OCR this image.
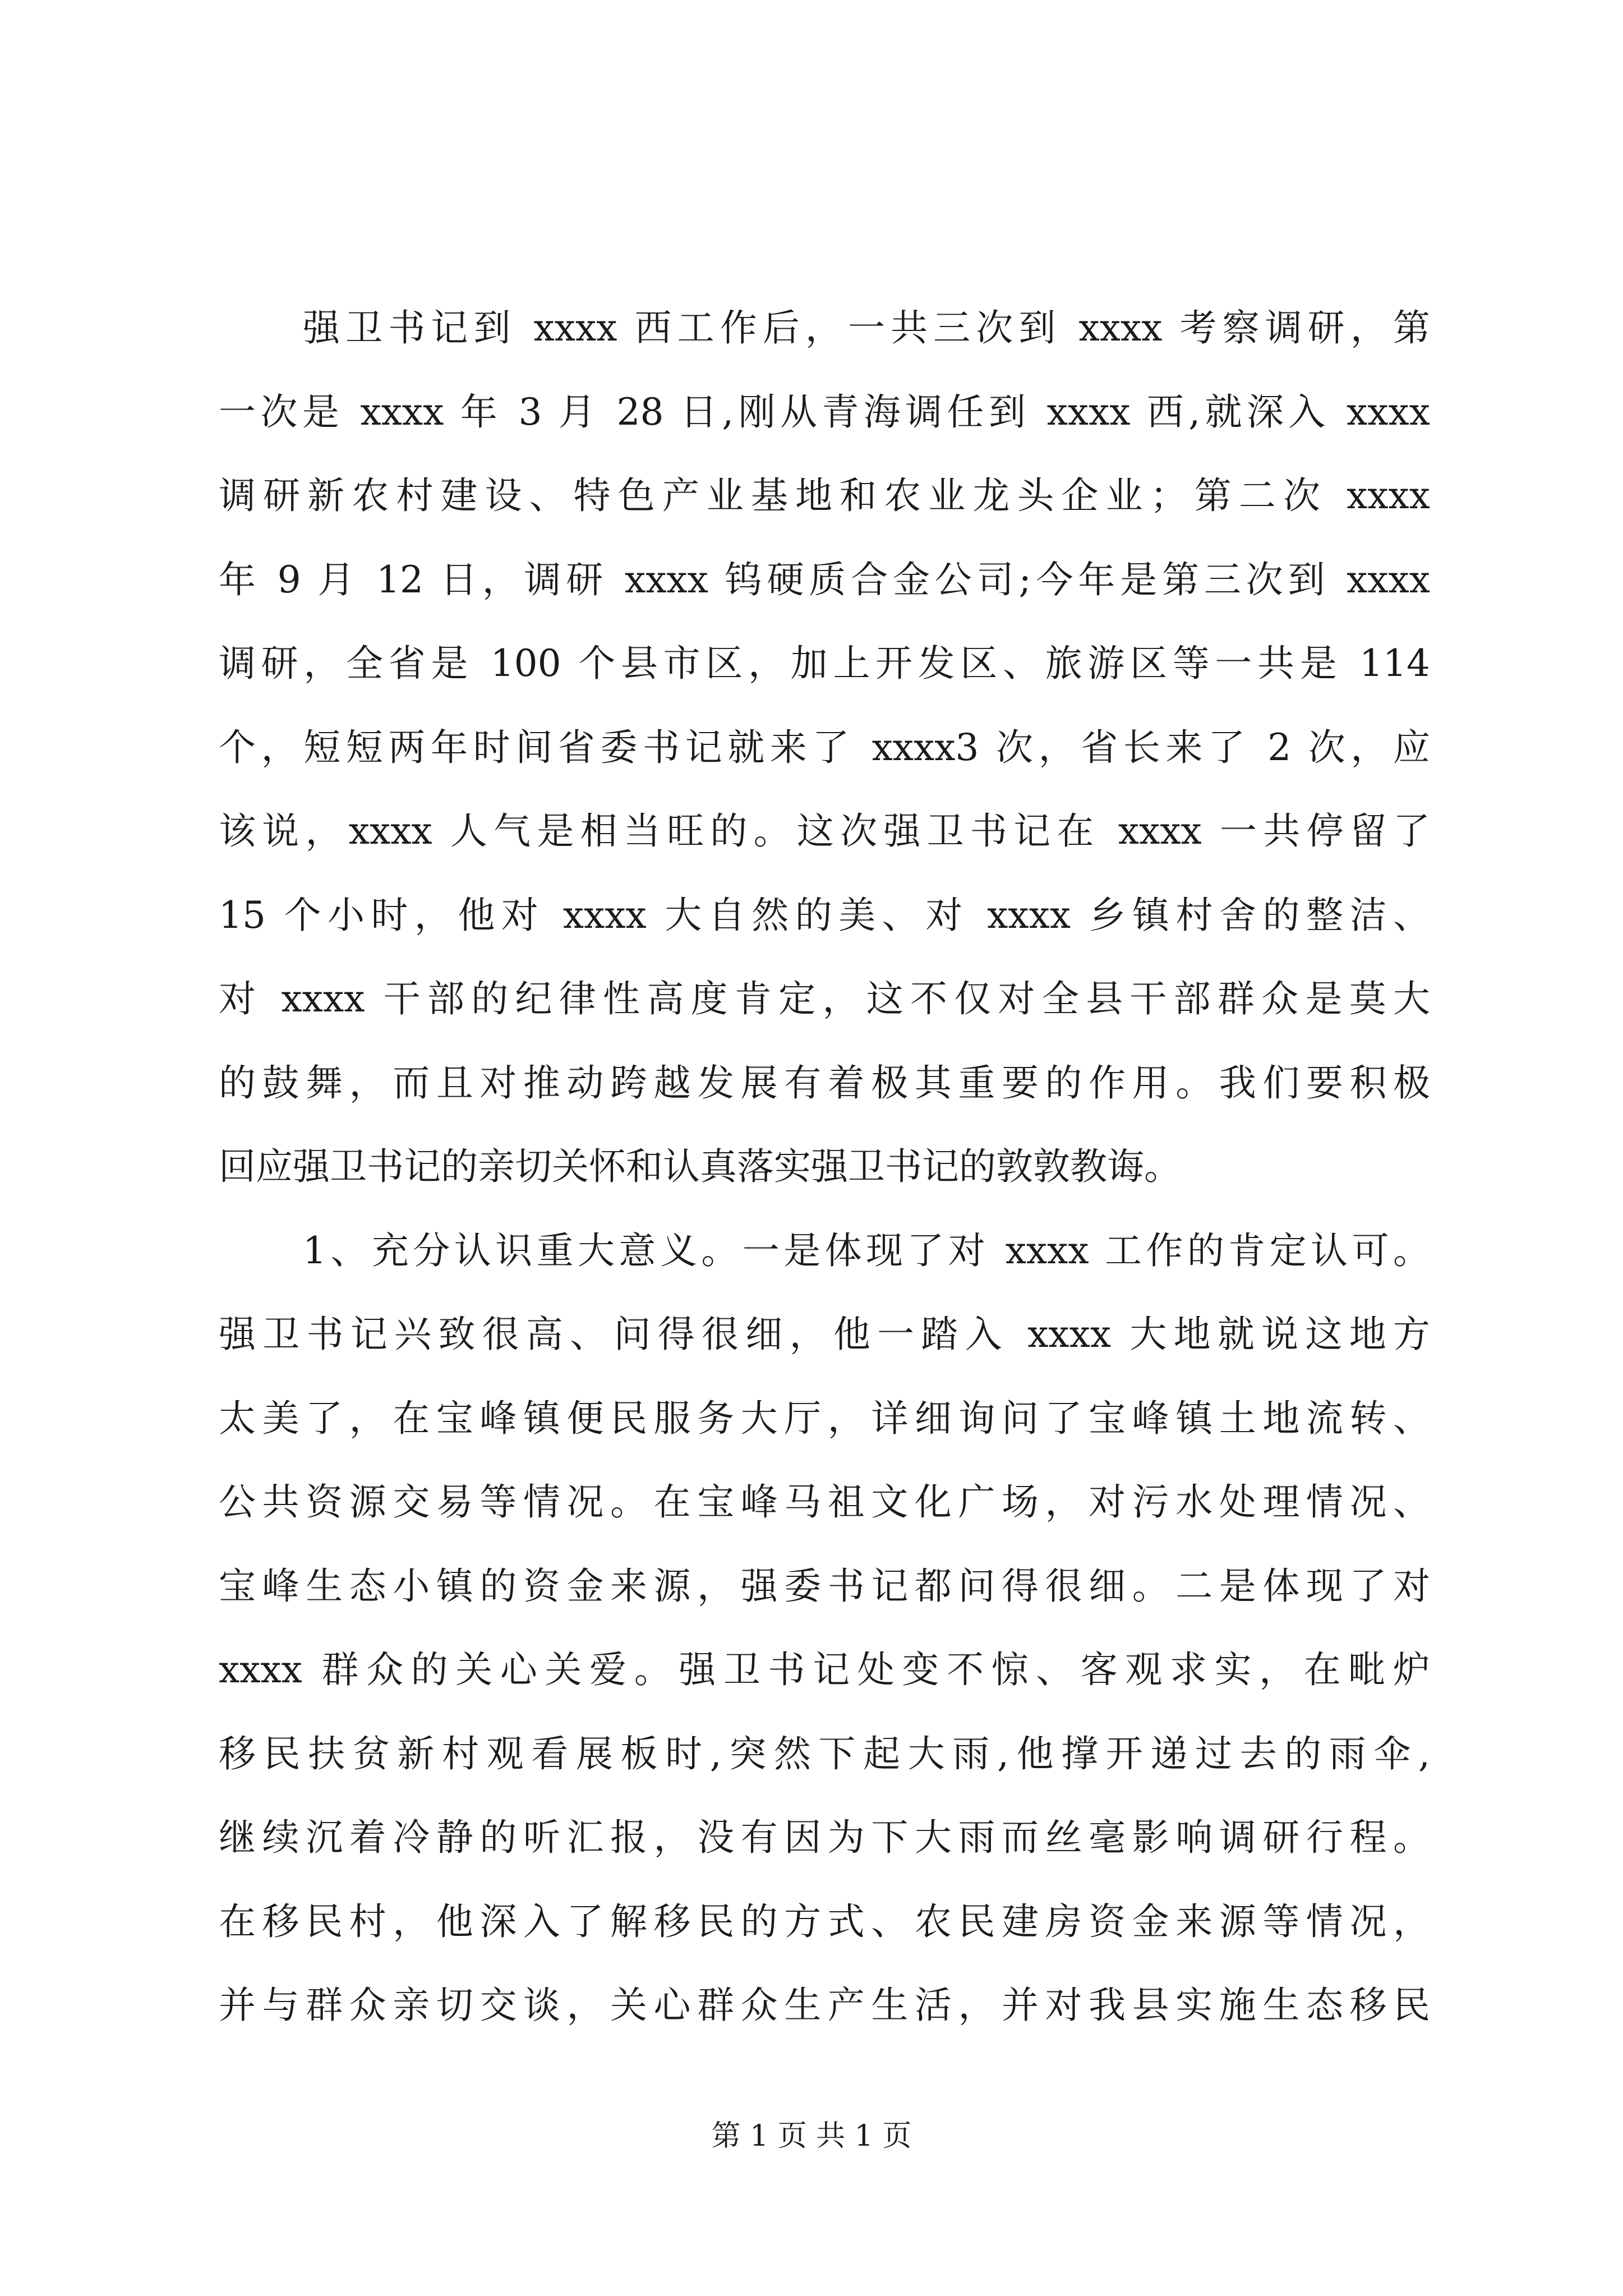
强卫书记到 xxxx 西工作后，一共三次到 xxxx 考察调研，第
一次是 xxxx 年 3 月 28 日,刚从青海调任到 xxxx 西,就深入 xxxx
调研新农村建设、特色产业基地和农业龙头企业；第二次 xxxx
年 9 月 12 日，调研 xxxx 钨硬质合金公司;今年是第三次到 xxxx
调研，全省是 100 个县市区，加上开发区、旅游区等一共是 114
个，短短两年时间省委书记就来了 xxxx3 次，省长来了 2 次，应
该说，xxxx 人气是相当旺的。这次强卫书记在 xxxx 一共停留了
15 个小时，他对 xxxx 大自然的美、对 xxxx 乡镇村舍的整洁、
对 xxxx 干部的纪律性高度肯定，这不仅对全县干部群众是莫大
的鼓舞，而且对推动跨越发展有着极其重要的作用。我们要积极
回应强卫书记的亲切关怀和认真落实强卫书记的敦敦教诲。
1、充分认识重大意义。一是体现了对 xxxx 工作的肯定认可。
强卫书记兴致很高、问得很细，他一踏入 xxxx 大地就说这地方
太美了，在宝峰镇便民服务大厅，详细询问了宝峰镇土地流转、
公共资源交易等情况。在宝峰马祖文化广场，对污水处理情况、
宝峰生态小镇的资金来源，强委书记都问得很细。二是体现了对
xxxx 群众的关心关爱。强卫书记处变不惊、客观求实，在毗炉
移民扶贫新村观看展板时,突然下起大雨,他撑开递过去的雨伞,
继续沉着冷静的听汇报，没有因为下大雨而丝毫影响调研行程。
在移民村，他深入了解移民的方式、农民建房资金来源等情况，
并与群众亲切交谈，关心群众生产生活，并对我县实施生态移民
第 1 页 共 1 页
